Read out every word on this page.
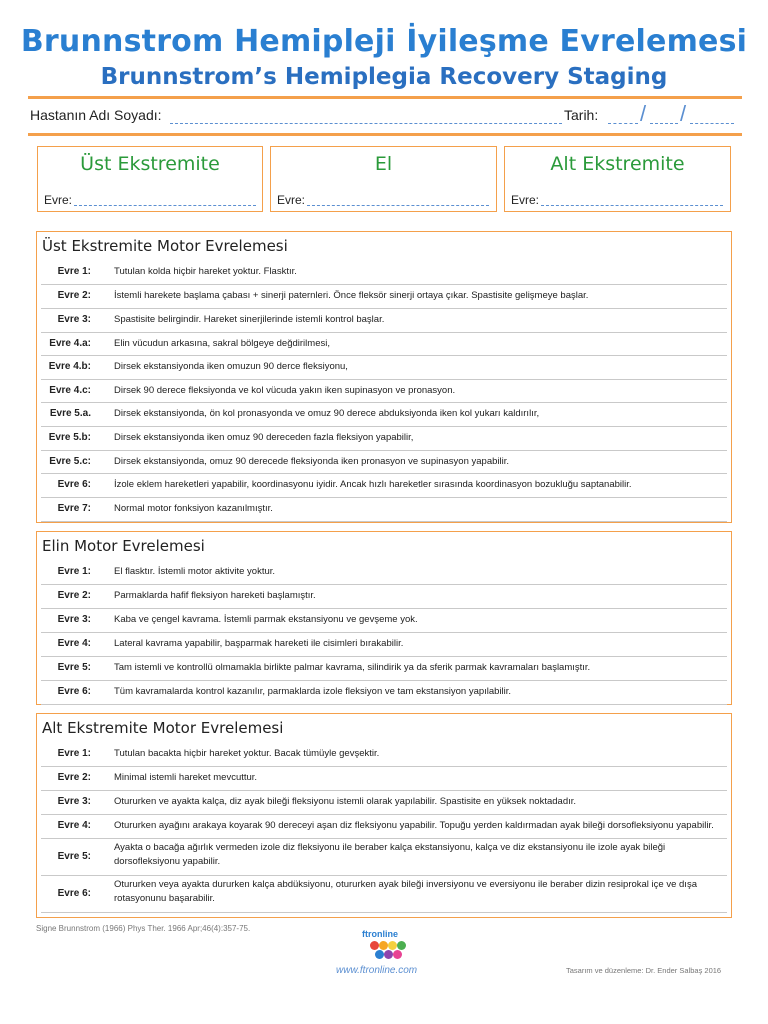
Brunnstrom Hemipleji İyileşme Evrelemesi
Brunnstrom’s Hemiplegia Recovery Staging
Hastanın Adı Soyadı:	Tarih: / /
Üst Ekstremite
Evre:
El
Evre:
Alt Ekstremite
Evre:
Üst Ekstremite Motor Evrelemesi
Evre 1: Tutulan kolda hiçbir hareket yoktur. Flasktır.
Evre 2: İstemli harekete başlama çabası + sinerji paternleri. Önce fleksör sinerji ortaya çıkar. Spastisite gelişmeye başlar.
Evre 3: Spastisite belirgindir. Hareket sinerjilerinde istemli kontrol başlar.
Evre 4.a: Elin vücudun arkasına, sakral bölgeye değdirilmesi,
Evre 4.b: Dirsek ekstansiyonda iken omuzun 90 derce fleksiyonu,
Evre 4.c: Dirsek 90 derece fleksiyonda ve kol vücuda yakın iken supinasyon ve pronasyon.
Evre 5.a. Dirsek ekstansiyonda, ön kol pronasyonda ve omuz 90 derece abduksiyonda iken kol yukarı kaldırılır,
Evre 5.b: Dirsek ekstansiyonda iken omuz 90 dereceden fazla fleksiyon yapabilir,
Evre 5.c: Dirsek ekstansiyonda, omuz 90 derecede fleksiyonda iken pronasyon ve supinasyon yapabilir.
Evre 6: İzole eklem hareketleri yapabilir, koordinasyonu iyidir. Ancak hızlı hareketler sırasında koordinasyon bozukluğu saptanabilir.
Evre 7: Normal motor fonksiyon kazanılmıştır.
Elin Motor Evrelemesi
Evre 1: El flasktır. İstemli motor aktivite yoktur.
Evre 2: Parmaklarda hafif fleksiyon hareketi başlamıştır.
Evre 3: Kaba ve çengel kavrama. İstemli parmak ekstansiyonu ve gevşeme yok.
Evre 4: Lateral kavrama yapabilir, başparmak hareketi ile cisimleri bırakabilir.
Evre 5: Tam istemli ve kontrollü olmamakla birlikte palmar kavrama, silindirik ya da sferik parmak kavramaları başlamıştır.
Evre 6: Tüm kavramalarda kontrol kazanılır, parmaklarda izole fleksiyon ve tam ekstansiyon yapılabilir.
Alt Ekstremite Motor Evrelemesi
Evre 1: Tutulan bacakta hiçbir hareket yoktur. Bacak tümüyle gevşektir.
Evre 2: Minimal istemli hareket mevcuttur.
Evre 3: Otururken ve ayakta kalça, diz ayak bileği fleksiyonu istemli olarak yapılabilir. Spastisite en yüksek noktadadır.
Evre 4: Otururken ayağını arakaya koyarak 90 dereceyi aşan diz fleksiyonu yapabilir. Topuğu yerden kaldırmadan ayak bileği dorsofleksiyonu yapabilir.
Evre 5:
Ayakta o bacağa ağırlık vermeden izole diz fleksiyonu ile beraber kalça ekstansiyonu, kalça ve diz ekstansiyonu ile izole ayak bileği dorsofleksiyonu yapabilir.
Evre 6:
Otururken veya ayakta dururken kalça abdüksiyonu, otururken ayak bileği inversiyonu ve eversiyonu ile beraber dizin resiprokal içe ve dışa rotasyonunu başarabilir.
Signe Brunnstrom (1966) Phys Ther. 1966 Apr;46(4):357-75.
ftronline
www.ftronline.com	Tasarım ve düzenleme: Dr. Ender Salbaş 2016
